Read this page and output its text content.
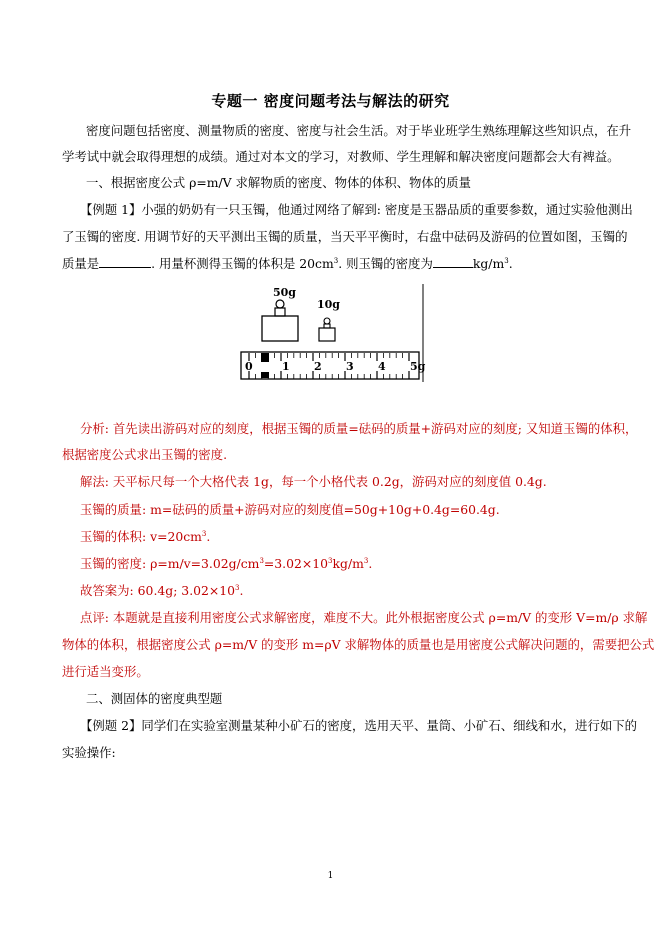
专题一 密度问题考法与解法的研究
密度问题包括密度、测量物质的密度、密度与社会生活。对于毕业班学生熟练理解这些知识点，在升
学考试中就会取得理想的成绩。通过对本文的学习，对教师、学生理解和解决密度问题都会大有裨益。
一、根据密度公式 ρ=m/V 求解物质的密度、物体的体积、物体的质量
【例题 1】小强的奶奶有一只玉镯，他通过网络了解到: 密度是玉器品质的重要参数，通过实验他测出
了玉镯的密度. 用调节好的天平测出玉镯的质量，当天平平衡时，右盘中砝码及游码的位置如图，玉镯的
质量是	. 用量杯测得玉镯的体积是 $20cm^3$. 则玉镯的密度为	$kg/m^3$.
50g
10g
0	1 2 3 4 5g
分析: 首先读出游码对应的刻度，根据玉镯的质量=砝码的质量+游码对应的刻度; 又知道玉镯的体积，
根据密度公式求出玉镯的密度.
解法: 天平标尺每一个大格代表 1g，每一个小格代表 0.2g，游码对应的刻度值 0.4g.
玉镯的质量: m=砝码的质量+游码对应的刻度值=50g+10g+0.4g=60.4g.
玉镯的体积: $v=20cm^3$.
玉镯的密度: $\rho=m/v=3.02g/cm^3=3.02\times 10^3kg/m^3$.
故答案为: 60.4g; $3.02\times 10^3$.
点评: 本题就是直接利用密度公式求解密度，难度不大。此外根据密度公式 ρ=m/V 的变形 V=m/ρ 求解
物体的体积，根据密度公式 ρ=m/V 的变形 m=ρV 求解物体的质量也是用密度公式解决问题的，需要把公式
进行适当变形。
二、测固体的密度典型题
【例题 2】同学们在实验室测量某种小矿石的密度，选用天平、量筒、小矿石、细线和水，进行如下的
实验操作:
1
